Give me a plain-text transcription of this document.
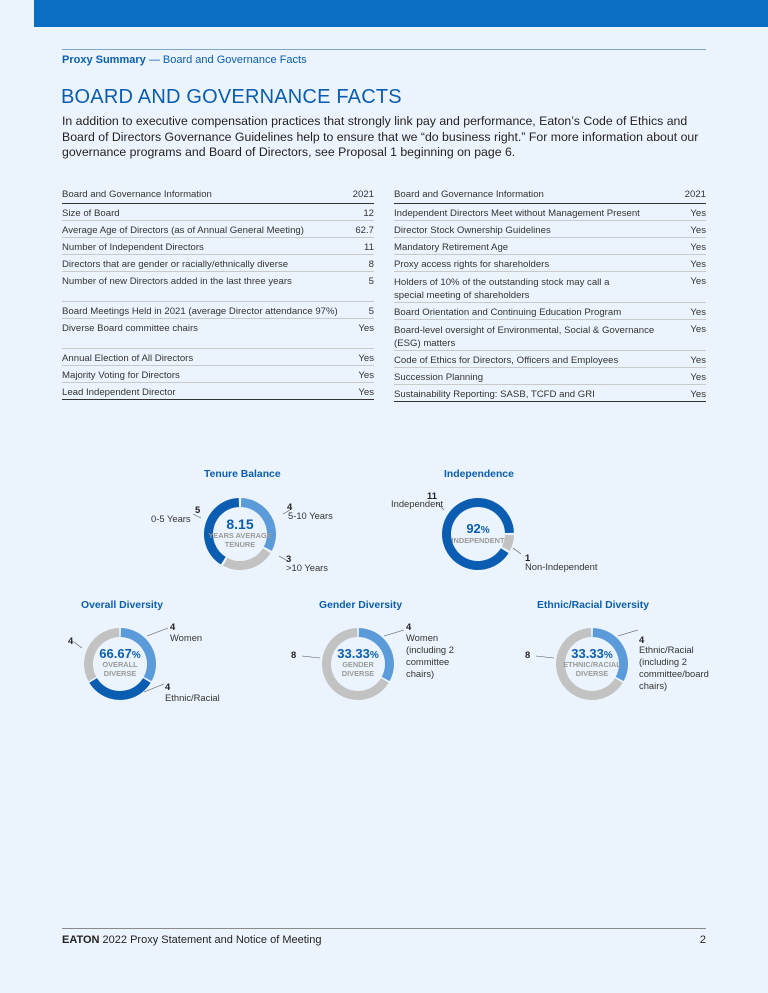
Proxy Summary — Board and Governance Facts
BOARD AND GOVERNANCE FACTS
In addition to executive compensation practices that strongly link pay and performance, Eaton’s Code of Ethics and Board of Directors Governance Guidelines help to ensure that we “do business right.” For more information about our governance programs and Board of Directors, see Proposal 1 beginning on page 6.
Board and Governance Information	2021
Size of Board	12
Average Age of Directors (as of Annual General Meeting)	62.7
Number of Independent Directors	11
Directors that are gender or racially/ethnically diverse	8
Number of new Directors added in the last three years	5
Board Meetings Held in 2021 (average Director attendance 97%)	5
Diverse Board committee chairs	Yes
Annual Election of All Directors	Yes
Majority Voting for Directors	Yes
Lead Independent Director	Yes
Board and Governance Information	2021
Independent Directors Meet without Management Present	Yes
Director Stock Ownership Guidelines	Yes
Mandatory Retirement Age	Yes
Proxy access rights for shareholders	Yes
Holders of 10% of the outstanding stock may call a special meeting of shareholders	Yes
Board Orientation and Continuing Education Program	Yes
Board-level oversight of Environmental, Social & Governance (ESG) matters	Yes
Code of Ethics for Directors, Officers and Employees	Yes
Succession Planning	Yes
Sustainability Reporting: SASB, TCFD and GRI	Yes
Tenure Balance
8.15
YEARS AVERAGE
TENURE
4
5-10 Years
3
>10 Years
5
0-5 Years
Independence
92%
INDEPENDENT
11
Independent
1
Non-Independent
Overall Diversity
66.67%
OVERALL
DIVERSE
4
Women
4
Ethnic/Racial
4
Gender Diversity
33.33%
GENDER
DIVERSE
4
Women
(including 2
committee
chairs)
8
Ethnic/Racial Diversity
33.33%
ETHNIC/RACIAL
DIVERSE
4
Ethnic/Racial
(including 2
committee/board
chairs)
8
EATON 2022 Proxy Statement and Notice of Meeting	2
